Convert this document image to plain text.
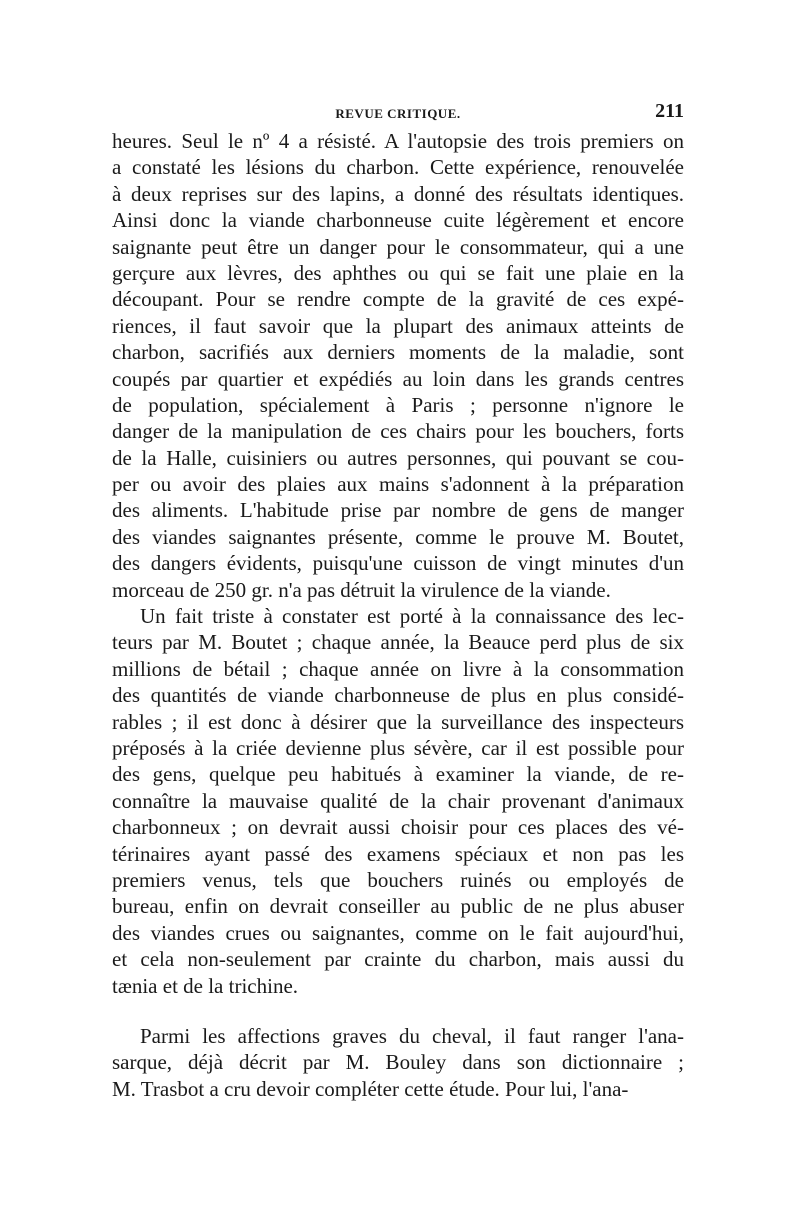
REVUE CRITIQUE.	211
heures. Seul le nº 4 a résisté. A l'autopsie des trois premiers on
a constaté les lésions du charbon. Cette expérience, renouvelée
à deux reprises sur des lapins, a donné des résultats identiques.
Ainsi donc la viande charbonneuse cuite légèrement et encore
saignante peut être un danger pour le consommateur, qui a une
gerçure aux lèvres, des aphthes ou qui se fait une plaie en la
découpant. Pour se rendre compte de la gravité de ces expé-
riences, il faut savoir que la plupart des animaux atteints de
charbon, sacrifiés aux derniers moments de la maladie, sont
coupés par quartier et expédiés au loin dans les grands centres
de population, spécialement à Paris ; personne n'ignore le
danger de la manipulation de ces chairs pour les bouchers, forts
de la Halle, cuisiniers ou autres personnes, qui pouvant se cou-
per ou avoir des plaies aux mains s'adonnent à la préparation
des aliments. L'habitude prise par nombre de gens de manger
des viandes saignantes présente, comme le prouve M. Boutet,
des dangers évidents, puisqu'une cuisson de vingt minutes d'un
morceau de 250 gr. n'a pas détruit la virulence de la viande.
Un fait triste à constater est porté à la connaissance des lec-
teurs par M. Boutet ; chaque année, la Beauce perd plus de six
millions de bétail ; chaque année on livre à la consommation
des quantités de viande charbonneuse de plus en plus considé-
rables ; il est donc à désirer que la surveillance des inspecteurs
préposés à la criée devienne plus sévère, car il est possible pour
des gens, quelque peu habitués à examiner la viande, de re-
connaître la mauvaise qualité de la chair provenant d'animaux
charbonneux ; on devrait aussi choisir pour ces places des vé-
térinaires ayant passé des examens spéciaux et non pas les
premiers venus, tels que bouchers ruinés ou employés de
bureau, enfin on devrait conseiller au public de ne plus abuser
des viandes crues ou saignantes, comme on le fait aujourd'hui,
et cela non-seulement par crainte du charbon, mais aussi du
tænia et de la trichine.
Parmi les affections graves du cheval, il faut ranger l'ana-
sarque, déjà décrit par M. Bouley dans son dictionnaire ;
M. Trasbot a cru devoir compléter cette étude. Pour lui, l'ana-
